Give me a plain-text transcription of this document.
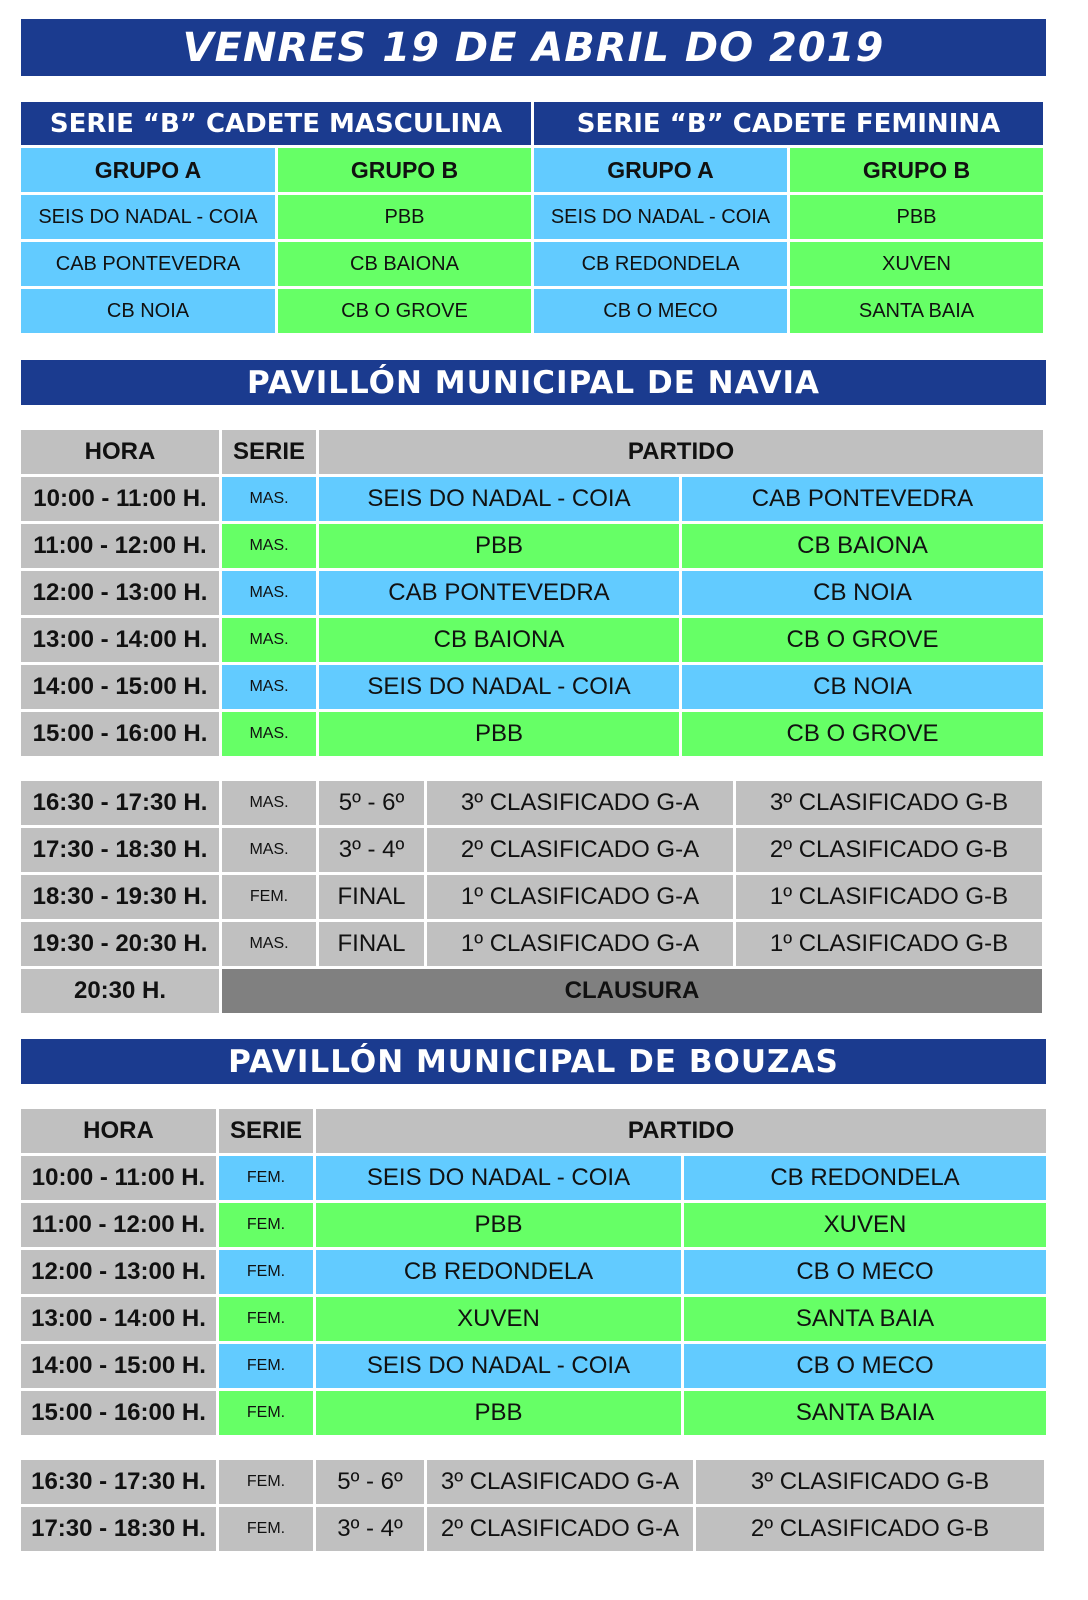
VENRES 19 DE ABRIL DO 2019
SERIE “B” CADETE MASCULINA	SERIE “B” CADETE FEMININA
GRUPO A	GRUPO B	GRUPO A	GRUPO B
SEIS DO NADAL - COIA	PBB	SEIS DO NADAL - COIA	PBB
CAB PONTEVEDRA	CB BAIONA	CB REDONDELA	XUVEN
CB NOIA	CB O GROVE	CB O MECO	SANTA BAIA
PAVILLÓN MUNICIPAL DE NAVIA
HORA	SERIE	PARTIDO
10:00 - 11:00 H.	MAS.	SEIS DO NADAL - COIA	CAB PONTEVEDRA
11:00 - 12:00 H.	MAS.	PBB	CB BAIONA
12:00 - 13:00 H.	MAS.	CAB PONTEVEDRA	CB NOIA
13:00 - 14:00 H.	MAS.	CB BAIONA	CB O GROVE
14:00 - 15:00 H.	MAS.	SEIS DO NADAL - COIA	CB NOIA
15:00 - 16:00 H.	MAS.	PBB	CB O GROVE
16:30 - 17:30 H.	MAS.	5º - 6º	3º CLASIFICADO G-A	3º CLASIFICADO G-B
17:30 - 18:30 H.	MAS.	3º - 4º	2º CLASIFICADO G-A	2º CLASIFICADO G-B
18:30 - 19:30 H.	FEM.	FINAL	1º CLASIFICADO G-A	1º CLASIFICADO G-B
19:30 - 20:30 H.	MAS.	FINAL	1º CLASIFICADO G-A	1º CLASIFICADO G-B
20:30 H.	CLAUSURA
PAVILLÓN MUNICIPAL DE BOUZAS
HORA	SERIE	PARTIDO
10:00 - 11:00 H.	FEM.	SEIS DO NADAL - COIA	CB REDONDELA
11:00 - 12:00 H.	FEM.	PBB	XUVEN
12:00 - 13:00 H.	FEM.	CB REDONDELA	CB O MECO
13:00 - 14:00 H.	FEM.	XUVEN	SANTA BAIA
14:00 - 15:00 H.	FEM.	SEIS DO NADAL - COIA	CB O MECO
15:00 - 16:00 H.	FEM.	PBB	SANTA BAIA
16:30 - 17:30 H.	FEM.	5º - 6º	3º CLASIFICADO G-A	3º CLASIFICADO G-B
17:30 - 18:30 H.	FEM.	3º - 4º	2º CLASIFICADO G-A	2º CLASIFICADO G-B
